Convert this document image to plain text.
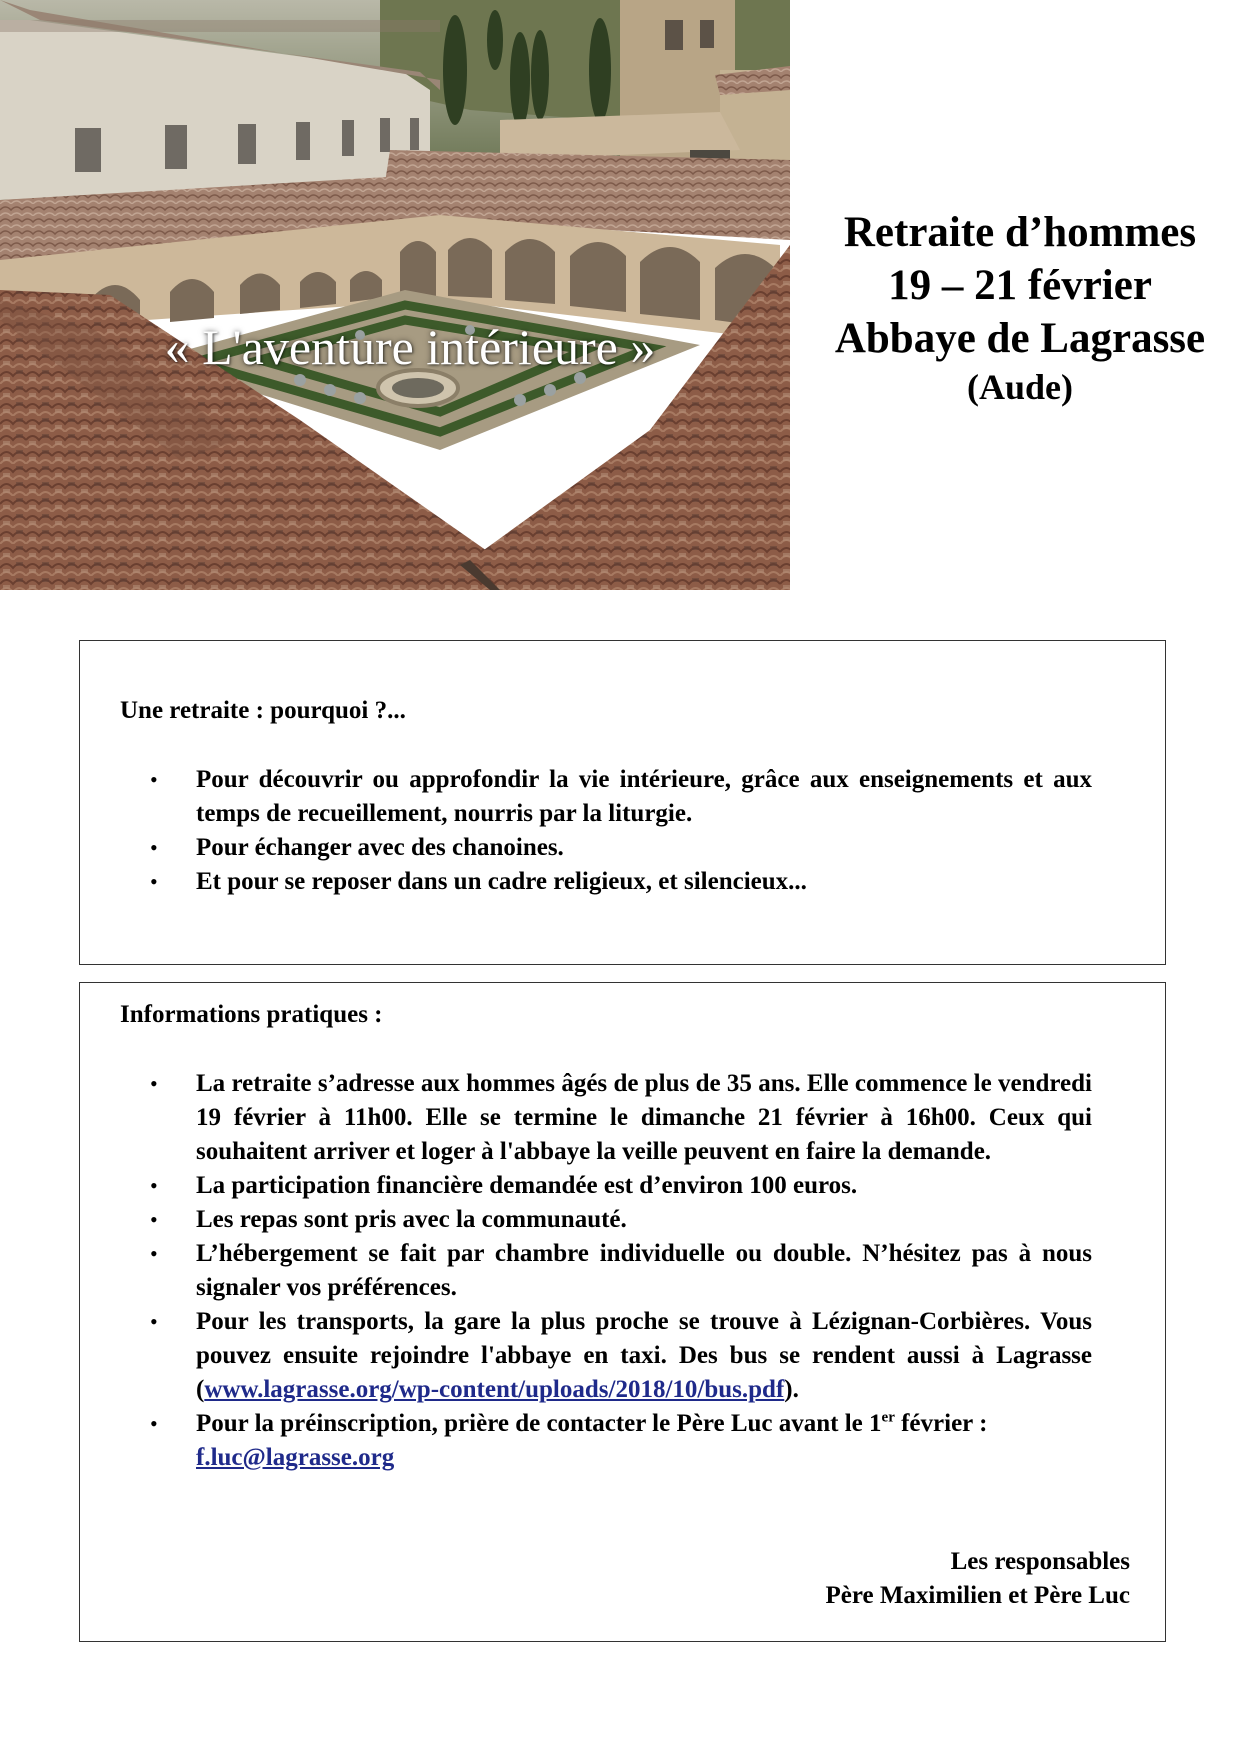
« L'aventure intérieure »
Retraite d’hommes
19 – 21 février
Abbaye de Lagrasse
(Aude)
Une retraite : pourquoi ?...
• Pour découvrir ou approfondir la vie intérieure, grâce aux enseignements et aux temps de recueillement, nourris par la liturgie.
• Pour échanger avec des chanoines.
• Et pour se reposer dans un cadre religieux, et silencieux...
Informations pratiques :
• La retraite s’adresse aux hommes âgés de plus de 35 ans. Elle commence le vendredi 19 février à 11h00. Elle se termine le dimanche 21 février à 16h00. Ceux qui souhaitent arriver et loger à l'abbaye la veille peuvent en faire la demande.
• La participation financière demandée est d’environ 100 euros.
• Les repas sont pris avec la communauté.
• L’hébergement se fait par chambre individuelle ou double. N’hésitez pas à nous signaler vos préférences.
• Pour les transports, la gare la plus proche se trouve à Lézignan-Corbières. Vous pouvez ensuite rejoindre l'abbaye en taxi. Des bus se rendent aussi à Lagrasse (www.lagrasse.org/wp-content/uploads/2018/10/bus.pdf).
• Pour la préinscription, prière de contacter le Père Luc avant le 1er février :
f.luc@lagrasse.org
Les responsables
Père Maximilien et Père Luc
